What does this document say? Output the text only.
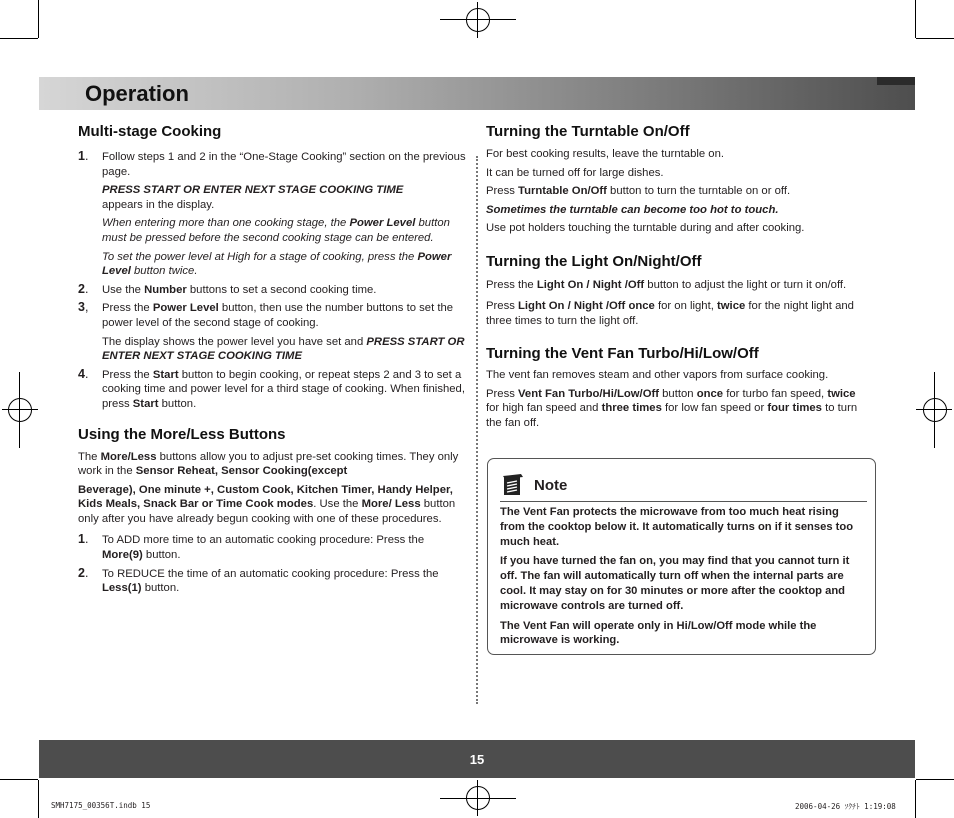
Operation
Multi-stage Cooking
1. Follow steps 1 and 2 in the “One-Stage Cooking” section on the previous page.

PRESS START OR ENTER NEXT STAGE COOKING TIME
appears in the display.

When entering more than one cooking stage, the Power Level button must be pressed before the second cooking stage can be entered.

To set the power level at High for a stage of cooking, press the Power Level button twice.

2. Use the Number buttons to set a second cooking time.

3, Press the Power Level button, then use the number buttons to set the power level of the second stage of cooking.

The display shows the power level you have set and PRESS START OR ENTER NEXT STAGE COOKING TIME

4. Press the Start button to begin cooking, or repeat steps 2 and 3 to set a cooking time and power level for a third stage of cooking. When finished, press Start button.

Using the More/Less Buttons

The More/Less buttons allow you to adjust pre-set cooking times. They only work in the Sensor Reheat, Sensor Cooking(except

Beverage), One minute +, Custom Cook, Kitchen Timer, Handy Helper, Kids Meals, Snack Bar or Time Cook modes. Use the More/ Less button only after you have already begun cooking with one of these procedures.

1. To ADD more time to an automatic cooking procedure: Press the More(9) button.

2. To REDUCE the time of an automatic cooking procedure: Press the Less(1) button.

Turning the Turntable On/Off

For best cooking results, leave the turntable on.

It can be turned off for large dishes.

Press Turntable On/Off button to turn the turntable on or off.

Sometimes the turntable can become too hot to touch.

Use pot holders touching the turntable during and after cooking.

Turning the Light On/Night/Off

Press the Light On / Night /Off button to adjust the light or turn it on/off.

Press Light On / Night /Off once for on light, twice for the night light and three times to turn the light off.

Turning the Vent Fan Turbo/Hi/Low/Off

The vent fan removes steam and other vapors from surface cooking.

Press Vent Fan Turbo/Hi/Low/Off button once for turbo fan speed, twice for high fan speed and three times for low fan speed or four times to turn the fan off.

Note

The Vent Fan protects the microwave from too much heat rising from the cooktop below it. It automatically turns on if it senses too much heat.

If you have turned the fan on, you may find that you cannot turn it off. The fan will automatically turn off when the internal parts are cool. It may stay on for 30 minutes or more after the cooktop and microwave controls are turned off.

The Vent Fan will operate only in Hi/Low/Off mode while the microwave is working.

15
SMH7175_00356T.indb 15	2006-04-26 ｿｸﾁﾄ 1:19:08
